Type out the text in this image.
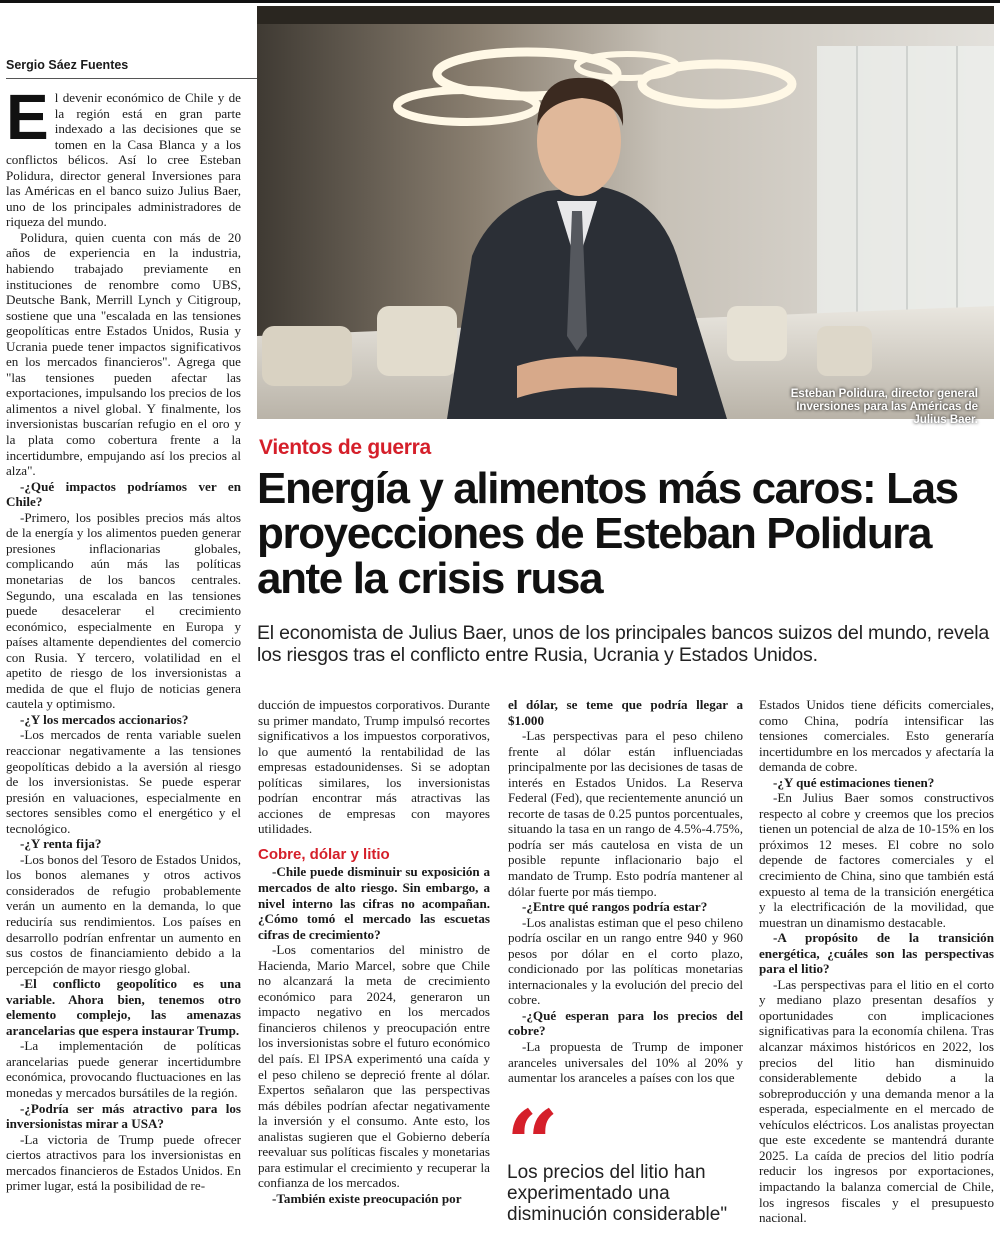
Sergio Sáez Fuentes
Esteban Polidura, director general Inversiones para las Américas de Julius Baer.
Vientos de guerra
Energía y alimentos más caros: Las proyecciones de Esteban Polidura ante la crisis rusa
El economista de Julius Baer, unos de los principales bancos suizos del mundo, revela los riesgos tras el conflicto entre Rusia, Ucrania y Estados Unidos.

El devenir económico de Chile y de la región está en gran parte indexado a las decisiones que se tomen en la Casa Blanca y a los conflictos bélicos. Así lo cree Esteban Polidura, director general Inversiones para las Américas en el banco suizo Julius Baer, uno de los principales administradores de riqueza del mundo.

Polidura, quien cuenta con más de 20 años de experiencia en la industria, habiendo trabajado previamente en instituciones de renombre como UBS, Deutsche Bank, Merrill Lynch y Citigroup, sostiene que una "escalada en las tensiones geopolíticas entre Estados Unidos, Rusia y Ucrania puede tener impactos significativos en los mercados financieros". Agrega que "las tensiones pueden afectar las exportaciones, impulsando los precios de los alimentos a nivel global. Y finalmente, los inversionistas buscarían refugio en el oro y la plata como cobertura frente a la incertidumbre, empujando así los precios al alza".

-¿Qué impactos podríamos ver en Chile?

-Primero, los posibles precios más altos de la energía y los alimentos pueden generar presiones inflacionarias globales, complicando aún más las políticas monetarias de los bancos centrales. Segundo, una escalada en las tensiones puede desacelerar el crecimiento económico, especialmente en Europa y países altamente dependientes del comercio con Rusia. Y tercero, volatilidad en el apetito de riesgo de los inversionistas a medida de que el flujo de noticias genera cautela y optimismo.

-¿Y los mercados accionarios?

-Los mercados de renta variable suelen reaccionar negativamente a las tensiones geopolíticas debido a la aversión al riesgo de los inversionistas. Se puede esperar presión en valuaciones, especialmente en sectores sensibles como el energético y el tecnológico.

-¿Y renta fija?

-Los bonos del Tesoro de Estados Unidos, los bonos alemanes y otros activos considerados de refugio probablemente verán un aumento en la demanda, lo que reduciría sus rendimientos. Los países en desarrollo podrían enfrentar un aumento en sus costos de financiamiento debido a la percepción de mayor riesgo global.

-El conflicto geopolítico es una variable. Ahora bien, tenemos otro elemento complejo, las amenazas arancelarias que espera instaurar Trump.

-La implementación de políticas arancelarias puede generar incertidumbre económica, provocando fluctuaciones en las monedas y mercados bursátiles de la región.

-¿Podría ser más atractivo para los inversionistas mirar a USA?

-La victoria de Trump puede ofrecer ciertos atractivos para los inversionistas en mercados financieros de Estados Unidos. En primer lugar, está la posibilidad de re-

ducción de impuestos corporativos. Durante su primer mandato, Trump impulsó recortes significativos a los impuestos corporativos, lo que aumentó la rentabilidad de las empresas estadounidenses. Si se adoptan políticas similares, los inversionistas podrían encontrar más atractivas las acciones de empresas con mayores utilidades.

Cobre, dólar y litio

-Chile puede disminuir su exposición a mercados de alto riesgo. Sin embargo, a nivel interno las cifras no acompañan. ¿Cómo tomó el mercado las escuetas cifras de crecimiento?

-Los comentarios del ministro de Hacienda, Mario Marcel, sobre que Chile no alcanzará la meta de crecimiento económico para 2024, generaron un impacto negativo en los mercados financieros chilenos y preocupación entre los inversionistas sobre el futuro económico del país. El IPSA experimentó una caída y el peso chileno se depreció frente al dólar. Expertos señalaron que las perspectivas más débiles podrían afectar negativamente la inversión y el consumo. Ante esto, los analistas sugieren que el Gobierno debería reevaluar sus políticas fiscales y monetarias para estimular el crecimiento y recuperar la confianza de los mercados.

-También existe preocupación por

el dólar, se teme que podría llegar a $1.000

-Las perspectivas para el peso chileno frente al dólar están influenciadas principalmente por las decisiones de tasas de interés en Estados Unidos. La Reserva Federal (Fed), que recientemente anunció un recorte de tasas de 0.25 puntos porcentuales, situando la tasa en un rango de 4.5%-4.75%, podría ser más cautelosa en vista de un posible repunte inflacionario bajo el mandato de Trump. Esto podría mantener al dólar fuerte por más tiempo.

-¿Entre qué rangos podría estar?

-Los analistas estiman que el peso chileno podría oscilar en un rango entre 940 y 960 pesos por dólar en el corto plazo, condicionado por las políticas monetarias internacionales y la evolución del precio del cobre.

-¿Qué esperan para los precios del cobre?

-La propuesta de Trump de imponer aranceles universales del 10% al 20% y aumentar los aranceles a países con los que

“
Los precios del litio han experimentado una disminución considerable"

Estados Unidos tiene déficits comerciales, como China, podría intensificar las tensiones comerciales. Esto generaría incertidumbre en los mercados y afectaría la demanda de cobre.

-¿Y qué estimaciones tienen?

-En Julius Baer somos constructivos respecto al cobre y creemos que los precios tienen un potencial de alza de 10-15% en los próximos 12 meses. El cobre no solo depende de factores comerciales y el crecimiento de China, sino que también está expuesto al tema de la transición energética y la electrificación de la movilidad, que muestran un dinamismo destacable.

-A propósito de la transición energética, ¿cuáles son las perspectivas para el litio?

-Las perspectivas para el litio en el corto y mediano plazo presentan desafíos y oportunidades con implicaciones significativas para la economía chilena. Tras alcanzar máximos históricos en 2022, los precios del litio han disminuido considerablemente debido a la sobreproducción y una demanda menor a la esperada, especialmente en el mercado de vehículos eléctricos. Los analistas proyectan que este excedente se mantendrá durante 2025. La caída de precios del litio podría reducir los ingresos por exportaciones, impactando la balanza comercial de Chile, los ingresos fiscales y el presupuesto nacional.
